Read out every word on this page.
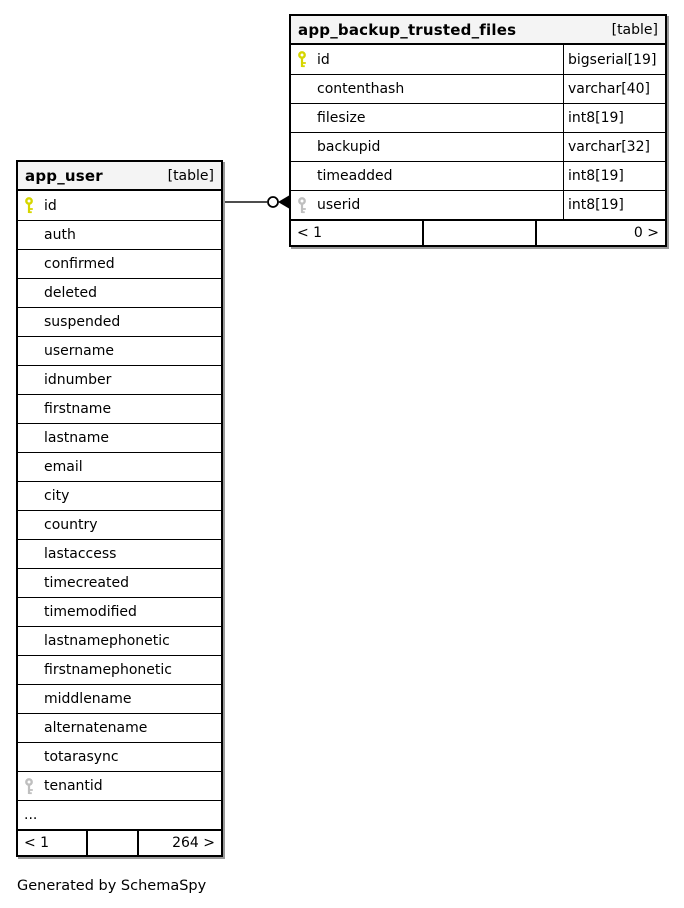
app_backup_trusted_files	[table]
id	bigserial[19]
contenthash	varchar[40]
filesize	int8[19]
backupid	varchar[32]
timeadded	int8[19]
userid	int8[19]
< 1	0 >
app_user	[table]
id
auth
confirmed
deleted
suspended
username
idnumber
firstname
lastname
email
city
country
lastaccess
timecreated
timemodified
lastnamephonetic
firstnamephonetic
middlename
alternatename
totarasync
tenantid
...
< 1	264 >
Generated by SchemaSpy
